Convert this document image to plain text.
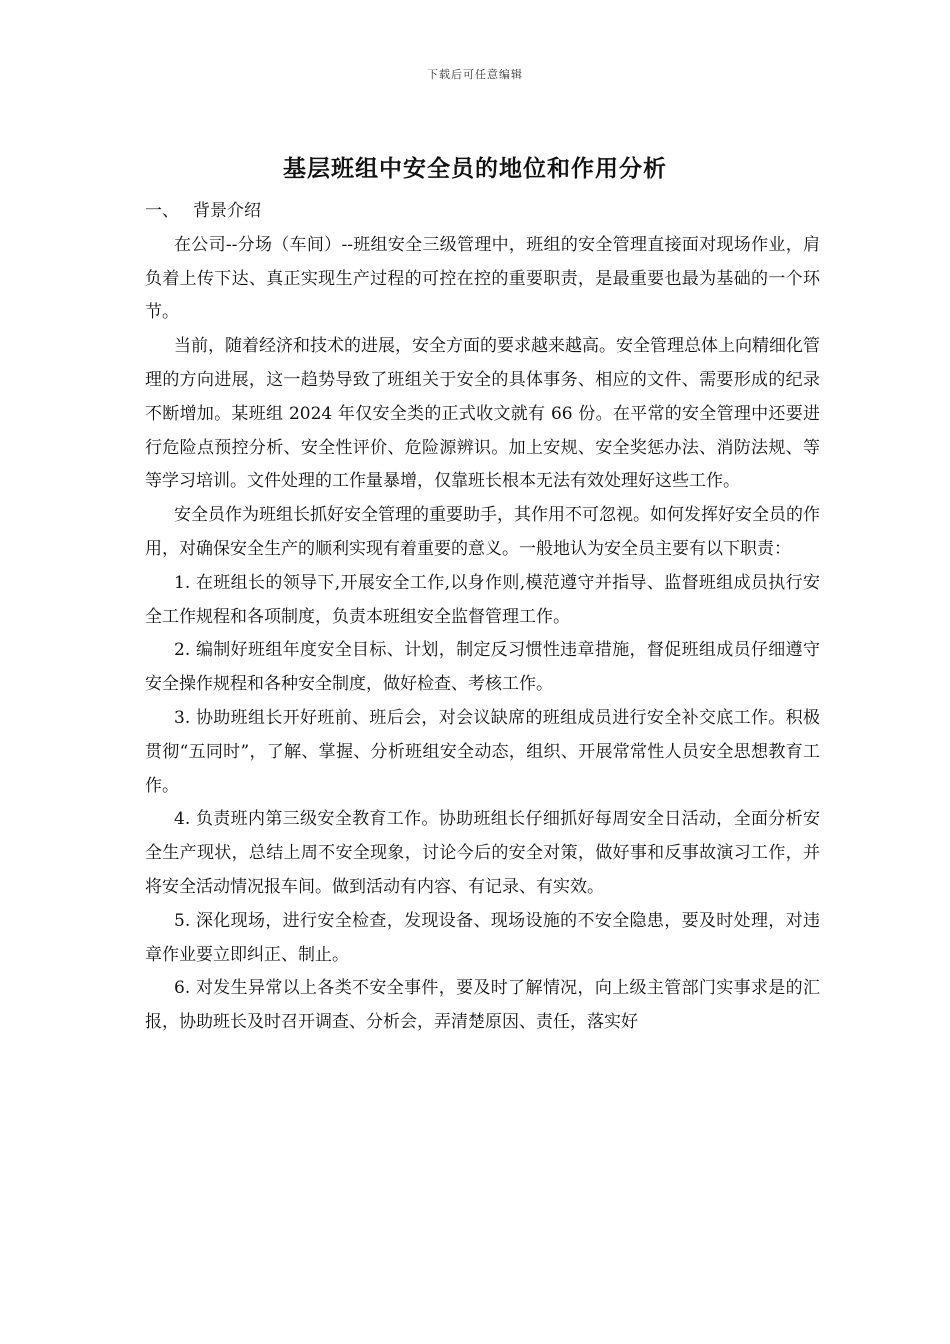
下载后可任意编辑
基层班组中安全员的地位和作用分析
一、 背景介绍

在公司--分场（车间）--班组安全三级管理中，班组的安全管理直接面对现场作业，肩负着上传下达、真正实现生产过程的可控在控的重要职责，是最重要也最为基础的一个环节。

当前，随着经济和技术的进展，安全方面的要求越来越高。安全管理总体上向精细化管理的方向进展，这一趋势导致了班组关于安全的具体事务、相应的文件、需要形成的纪录不断增加。某班组 2024 年仅安全类的正式收文就有 66 份。在平常的安全管理中还要进行危险点预控分析、安全性评价、危险源辨识。加上安规、安全奖惩办法、消防法规、等等学习培训。文件处理的工作量暴增，仅靠班长根本无法有效处理好这些工作。

安全员作为班组长抓好安全管理的重要助手，其作用不可忽视。如何发挥好安全员的作用，对确保安全生产的顺利实现有着重要的意义。一般地认为安全员主要有以下职责：

1. 在班组长的领导下,开展安全工作,以身作则,模范遵守并指导、监督班组成员执行安全工作规程和各项制度，负责本班组安全监督管理工作。

2. 编制好班组年度安全目标、计划，制定反习惯性违章措施，督促班组成员仔细遵守安全操作规程和各种安全制度，做好检查、考核工作。

3. 协助班组长开好班前、班后会，对会议缺席的班组成员进行安全补交底工作。积极贯彻“五同时”，了解、掌握、分析班组安全动态，组织、开展常常性人员安全思想教育工作。

4. 负责班内第三级安全教育工作。协助班组长仔细抓好每周安全日活动，全面分析安全生产现状，总结上周不安全现象，讨论今后的安全对策，做好事和反事故演习工作，并将安全活动情况报车间。做到活动有内容、有记录、有实效。

5. 深化现场，进行安全检查，发现设备、现场设施的不安全隐患，要及时处理，对违章作业要立即纠正、制止。

6. 对发生异常以上各类不安全事件，要及时了解情况，向上级主管部门实事求是的汇报，协助班长及时召开调查、分析会，弄清楚原因、责任，落实好
